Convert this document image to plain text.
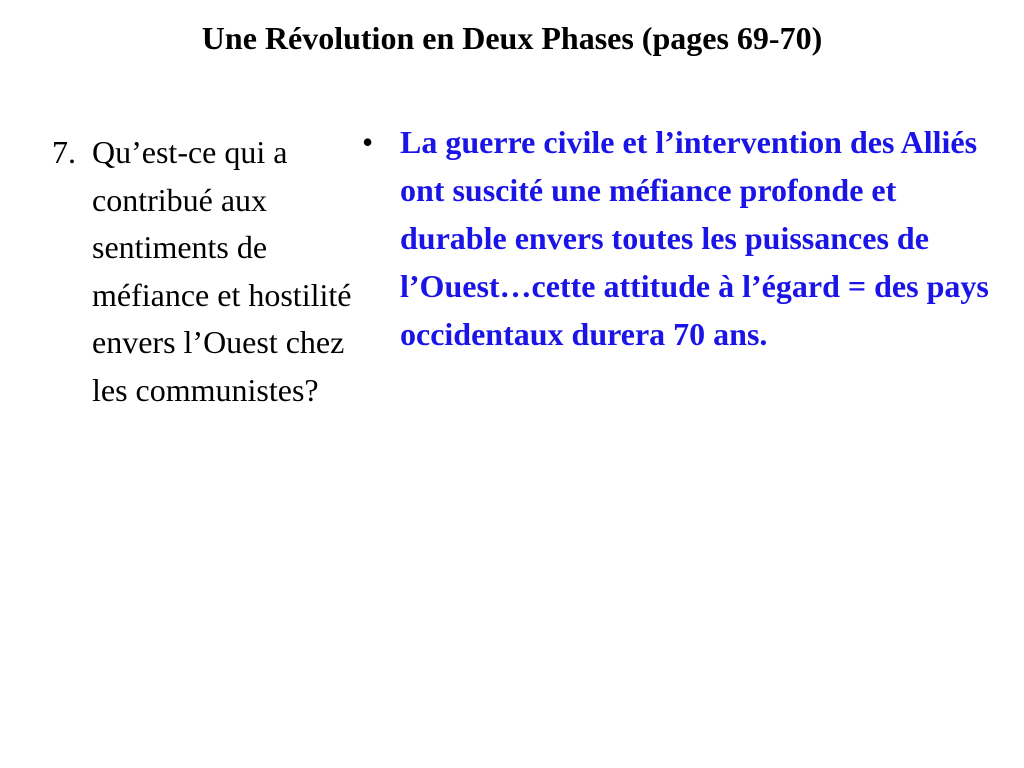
Une Révolution en Deux Phases (pages 69-70)
7. Qu’est-ce qui a contribué aux sentiments de méfiance et hostilité envers l’Ouest chez les communistes?
• La guerre civile et l’intervention des Alliés ont suscité une méfiance profonde et durable envers toutes les puissances de l’Ouest…cette attitude à l’égard = des pays occidentaux durera 70 ans.
